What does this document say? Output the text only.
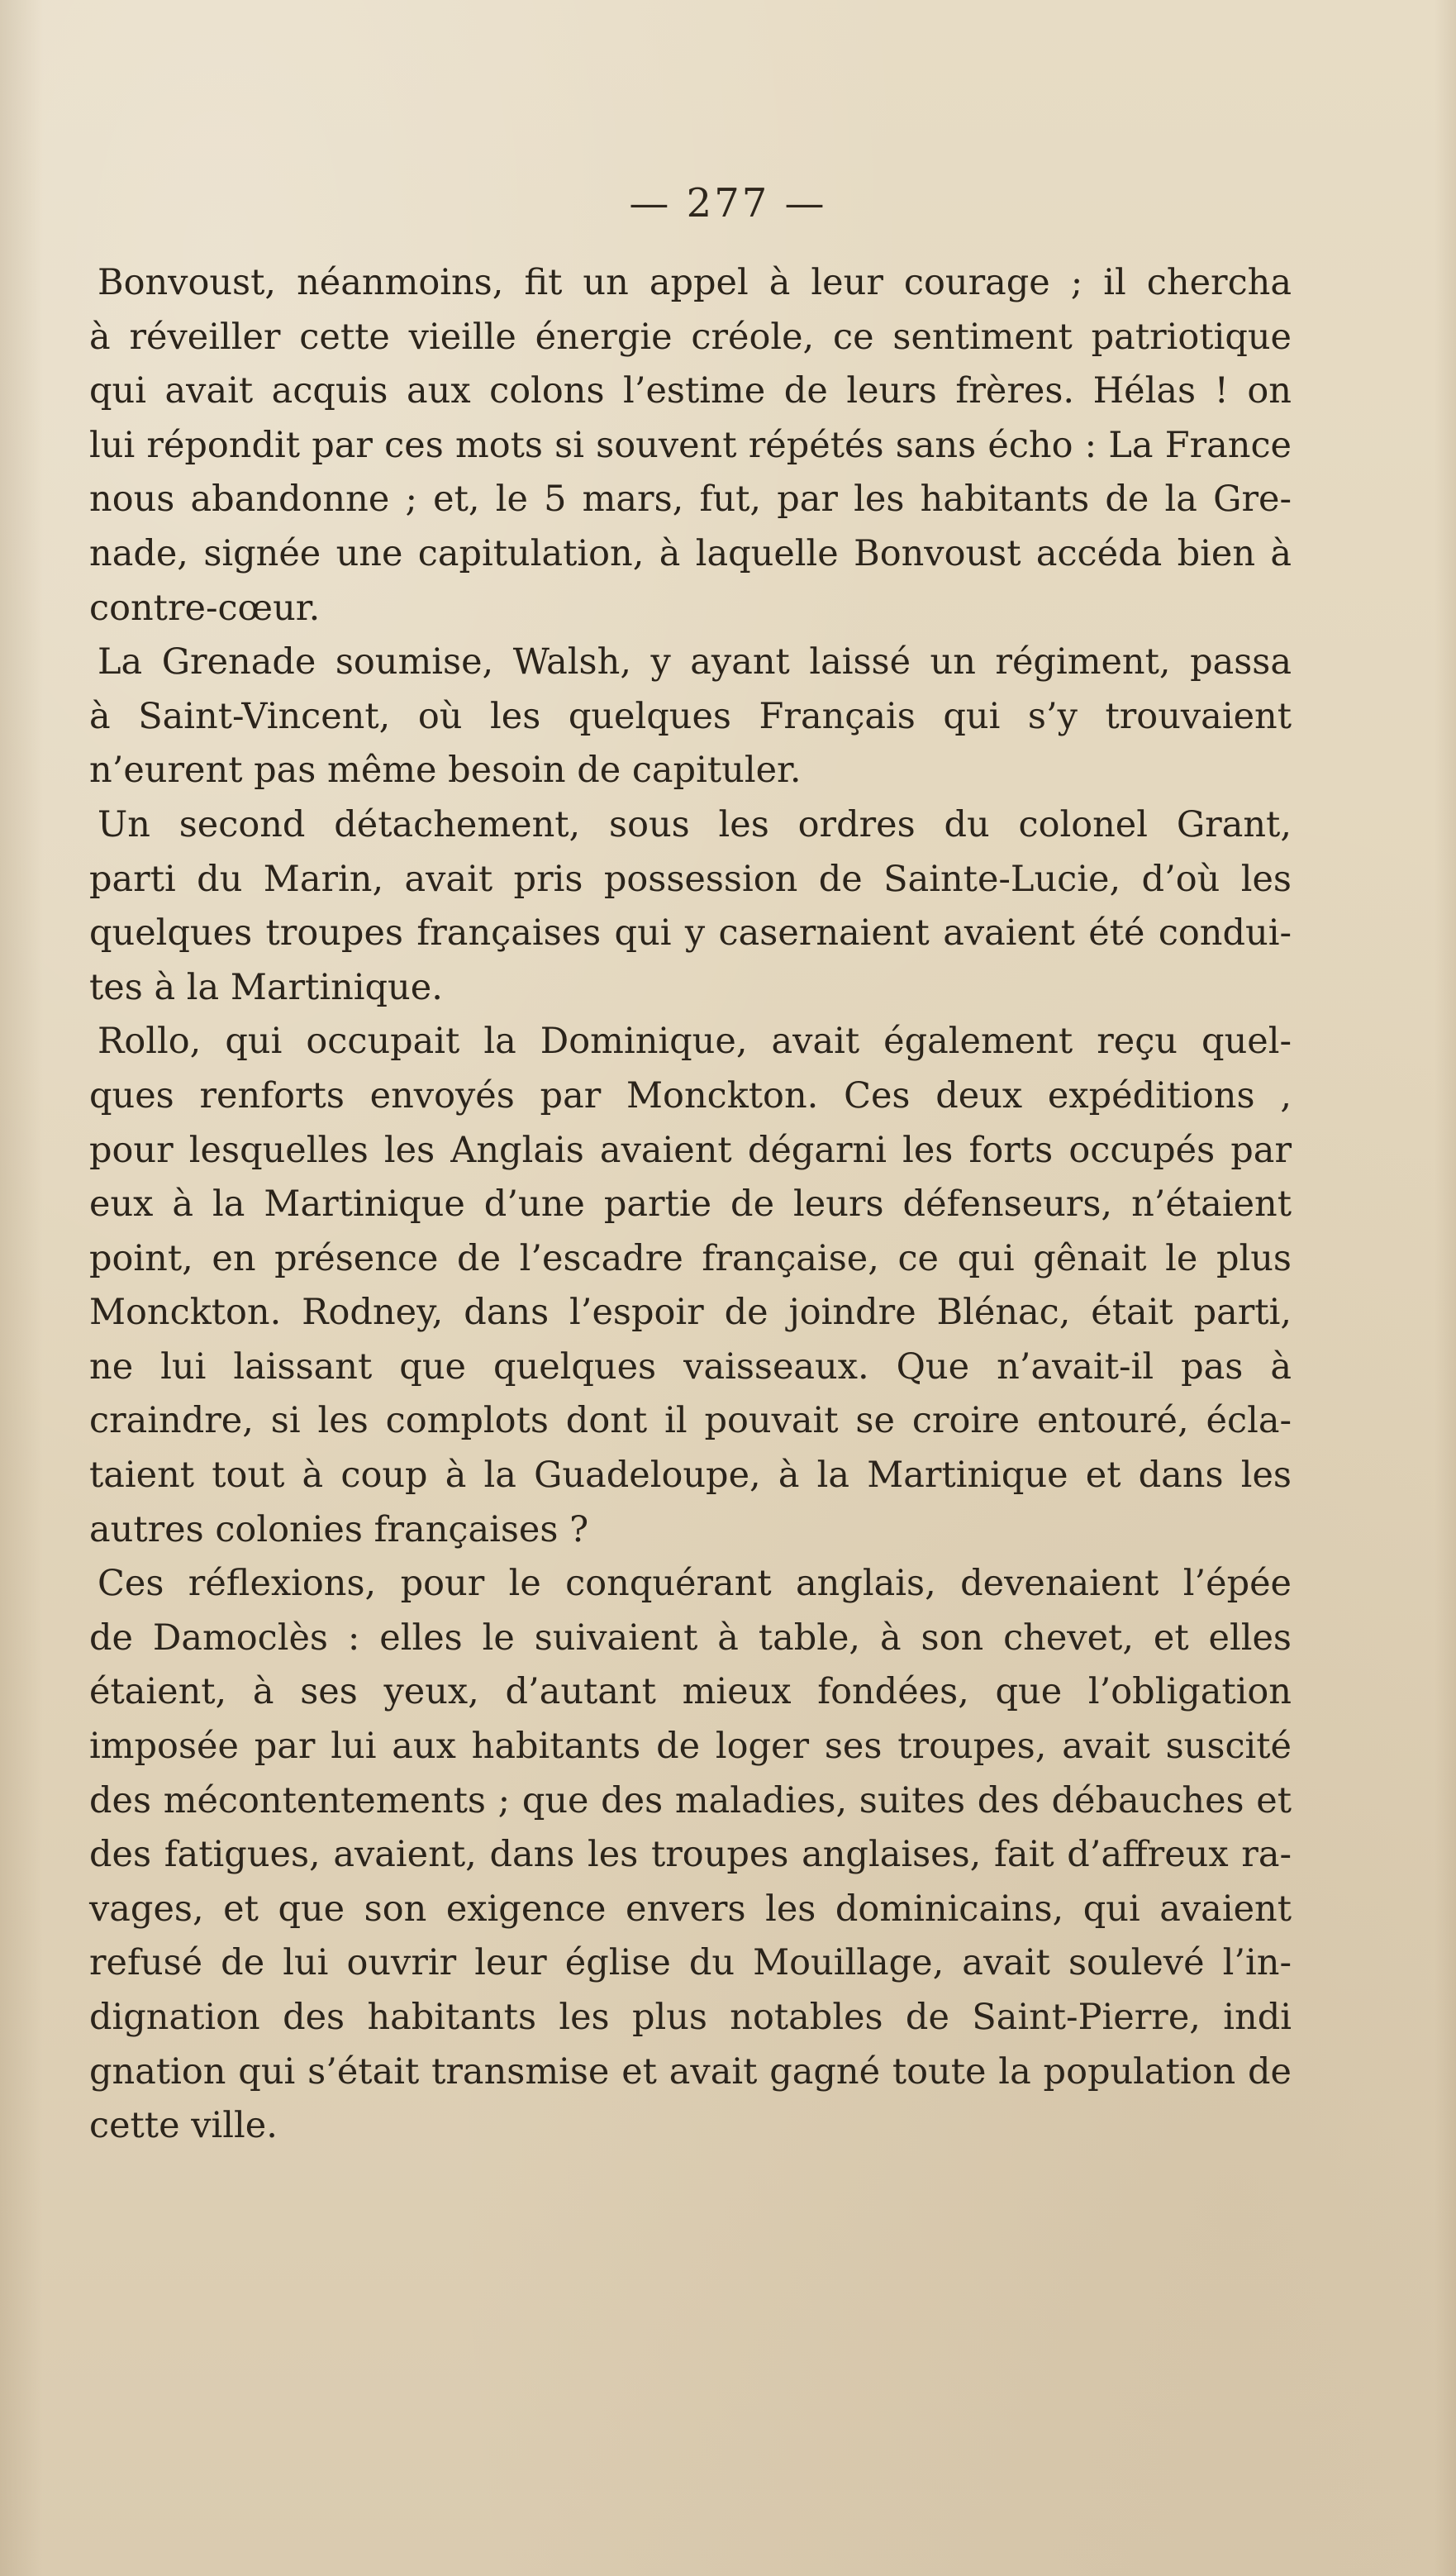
— 277 —
Bonvoust, néanmoins, fit un appel à leur courage ; il chercha
à réveiller cette vieille énergie créole, ce sentiment patriotique
qui avait acquis aux colons l’estime de leurs frères. Hélas ! on
lui répondit par ces mots si souvent répétés sans écho : La France
nous abandonne ; et, le 5 mars, fut, par les habitants de la Gre-
nade, signée une capitulation, à laquelle Bonvoust accéda bien à
contre-cœur.
La Grenade soumise, Walsh, y ayant laissé un régiment, passa
à Saint-Vincent, où les quelques Français qui s’y trouvaient
n’eurent pas même besoin de capituler.
Un second détachement, sous les ordres du colonel Grant,
parti du Marin, avait pris possession de Sainte-Lucie, d’où les
quelques troupes françaises qui y casernaient avaient été condui-
tes à la Martinique.
Rollo, qui occupait la Dominique, avait également reçu quel-
ques renforts envoyés par Monckton. Ces deux expéditions ,
pour lesquelles les Anglais avaient dégarni les forts occupés par
eux à la Martinique d’une partie de leurs défenseurs, n’étaient
point, en présence de l’escadre française, ce qui gênait le plus
Monckton. Rodney, dans l’espoir de joindre Blénac, était parti,
ne lui laissant que quelques vaisseaux. Que n’avait-il pas à
craindre, si les complots dont il pouvait se croire entouré, écla-
taient tout à coup à la Guadeloupe, à la Martinique et dans les
autres colonies françaises ?
Ces réflexions, pour le conquérant anglais, devenaient l’épée
de Damoclès : elles le suivaient à table, à son chevet, et elles
étaient, à ses yeux, d’autant mieux fondées, que l’obligation
imposée par lui aux habitants de loger ses troupes, avait suscité
des mécontentements ; que des maladies, suites des débauches et
des fatigues, avaient, dans les troupes anglaises, fait d’affreux ra-
vages, et que son exigence envers les dominicains, qui avaient
refusé de lui ouvrir leur église du Mouillage, avait soulevé l’in-
dignation des habitants les plus notables de Saint-Pierre, indi
gnation qui s’était transmise et avait gagné toute la population de
cette ville.
